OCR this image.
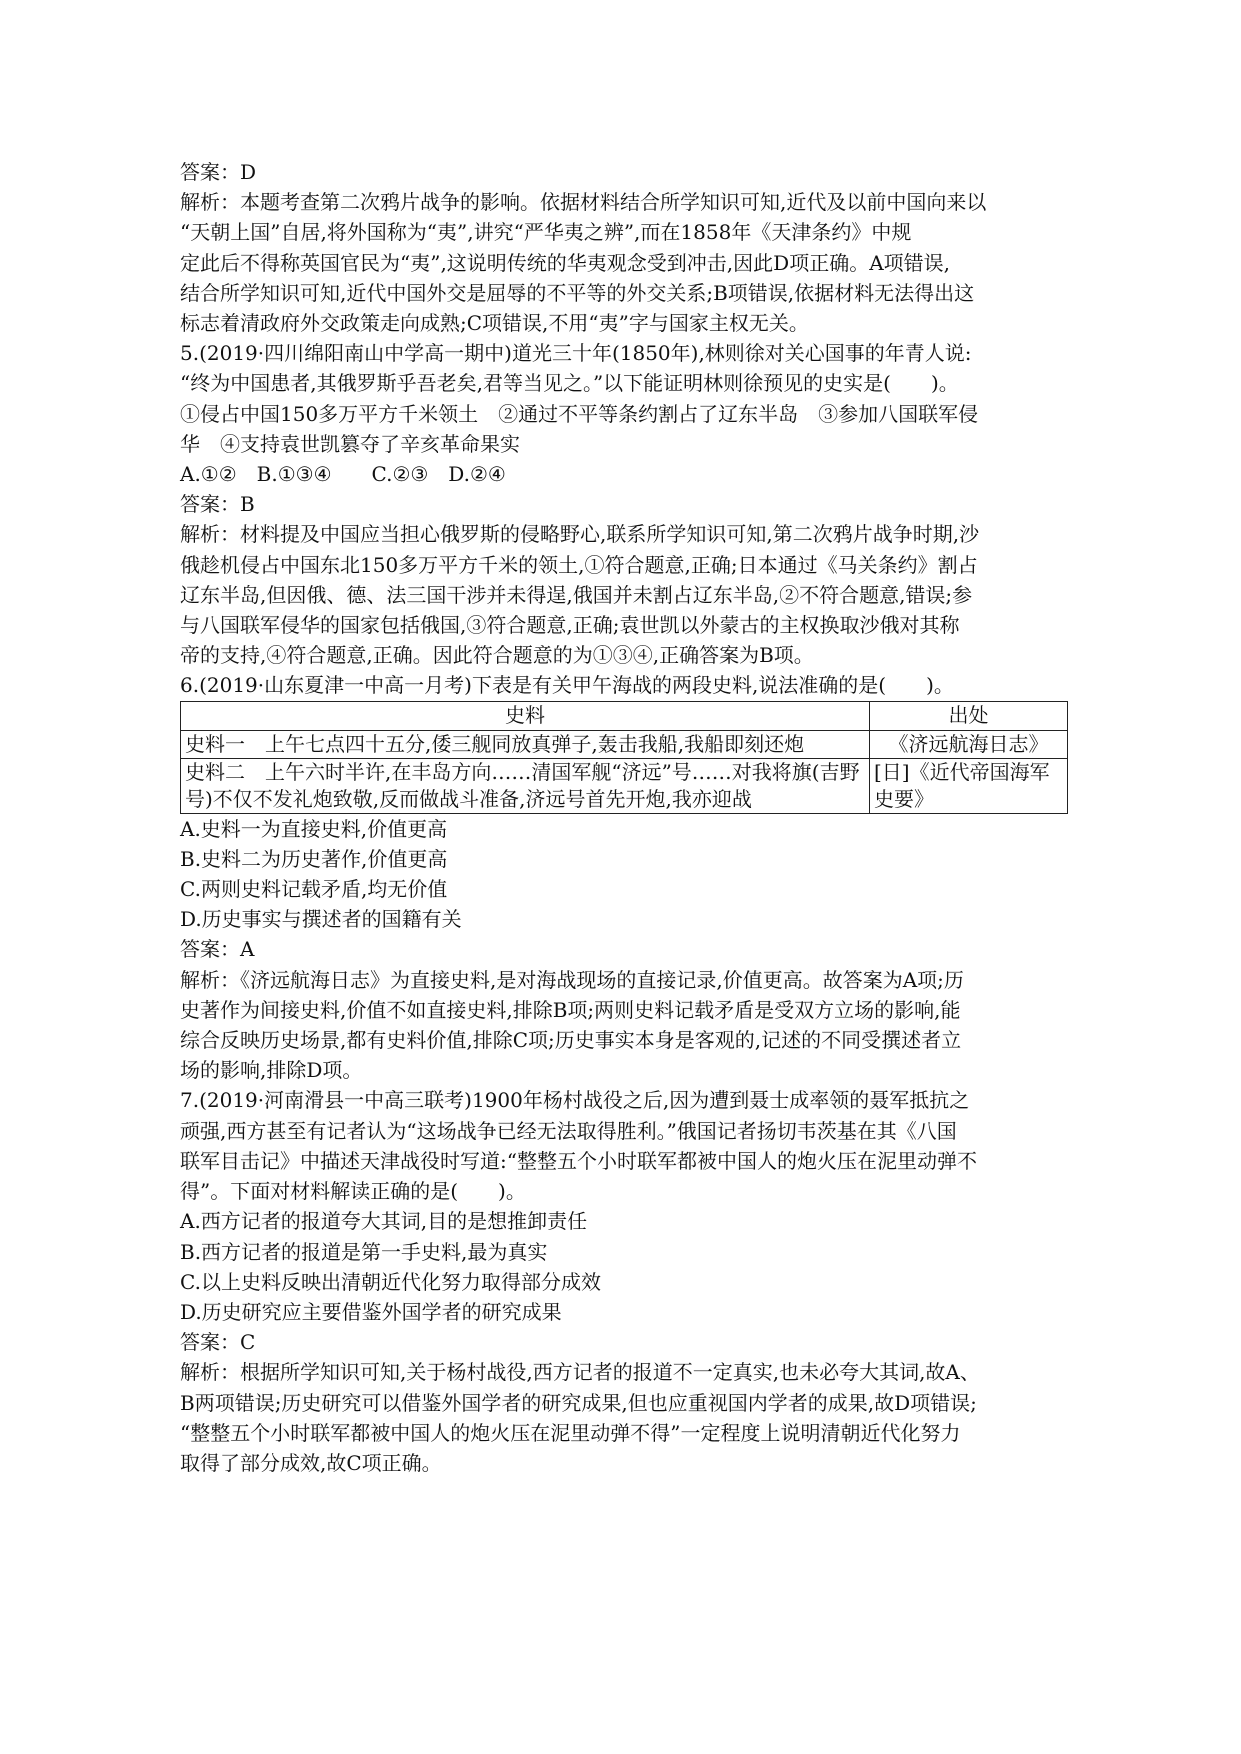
答案：D

解析：本题考查第二次鸦片战争的影响。依据材料结合所学知识可知,近代及以前中国向来以

“天朝上国”自居,将外国称为“夷”,讲究“严华夷之辨”,而在1858年《天津条约》中规

定此后不得称英国官民为“夷”,这说明传统的华夷观念受到冲击,因此D项正确。A项错误,

结合所学知识可知,近代中国外交是屈辱的不平等的外交关系;B项错误,依据材料无法得出这

标志着清政府外交政策走向成熟;C项错误,不用“夷”字与国家主权无关。

5.(2019·四川绵阳南山中学高一期中)道光三十年(1850年),林则徐对关心国事的年青人说:

“终为中国患者,其俄罗斯乎吾老矣,君等当见之。”以下能证明林则徐预见的史实是(　　)。

①侵占中国150多万平方千米领土　②通过不平等条约割占了辽东半岛　③参加八国联军侵

华　④支持袁世凯篡夺了辛亥革命果实

A.①②　B.①③④　　C.②③　D.②④

答案：B

解析：材料提及中国应当担心俄罗斯的侵略野心,联系所学知识可知,第二次鸦片战争时期,沙

俄趁机侵占中国东北150多万平方千米的领土,①符合题意,正确;日本通过《马关条约》割占

辽东半岛,但因俄、德、法三国干涉并未得逞,俄国并未割占辽东半岛,②不符合题意,错误;参

与八国联军侵华的国家包括俄国,③符合题意,正确;袁世凯以外蒙古的主权换取沙俄对其称

帝的支持,④符合题意,正确。因此符合题意的为①③④,正确答案为B项。

6.(2019·山东夏津一中高一月考)下表是有关甲午海战的两段史料,说法准确的是(　　)。

史料	出处
史料一　上午七点四十五分,倭三舰同放真弹子,轰击我船,我船即刻还炮	《济远航海日志》
史料二　上午六时半许,在丰岛方向……清国军舰“济远”号……对我将旗(吉野号)不仅不发礼炮致敬,反而做战斗准备,济远号首先开炮,我亦迎战	[日]《近代帝国海军史要》

A.史料一为直接史料,价值更高

B.史料二为历史著作,价值更高

C.两则史料记载矛盾,均无价值

D.历史事实与撰述者的国籍有关

答案：A

解析：《济远航海日志》为直接史料,是对海战现场的直接记录,价值更高。故答案为A项;历

史著作为间接史料,价值不如直接史料,排除B项;两则史料记载矛盾是受双方立场的影响,能

综合反映历史场景,都有史料价值,排除C项;历史事实本身是客观的,记述的不同受撰述者立

场的影响,排除D项。

7.(2019·河南滑县一中高三联考)1900年杨村战役之后,因为遭到聂士成率领的聂军抵抗之

顽强,西方甚至有记者认为“这场战争已经无法取得胜利。”俄国记者扬切韦茨基在其《八国

联军目击记》中描述天津战役时写道:“整整五个小时联军都被中国人的炮火压在泥里动弹不

得”。下面对材料解读正确的是(　　)。

A.西方记者的报道夸大其词,目的是想推卸责任

B.西方记者的报道是第一手史料,最为真实

C.以上史料反映出清朝近代化努力取得部分成效

D.历史研究应主要借鉴外国学者的研究成果

答案：C

解析：根据所学知识可知,关于杨村战役,西方记者的报道不一定真实,也未必夸大其词,故A、

B两项错误;历史研究可以借鉴外国学者的研究成果,但也应重视国内学者的成果,故D项错误;

“整整五个小时联军都被中国人的炮火压在泥里动弹不得”一定程度上说明清朝近代化努力

取得了部分成效,故C项正确。
